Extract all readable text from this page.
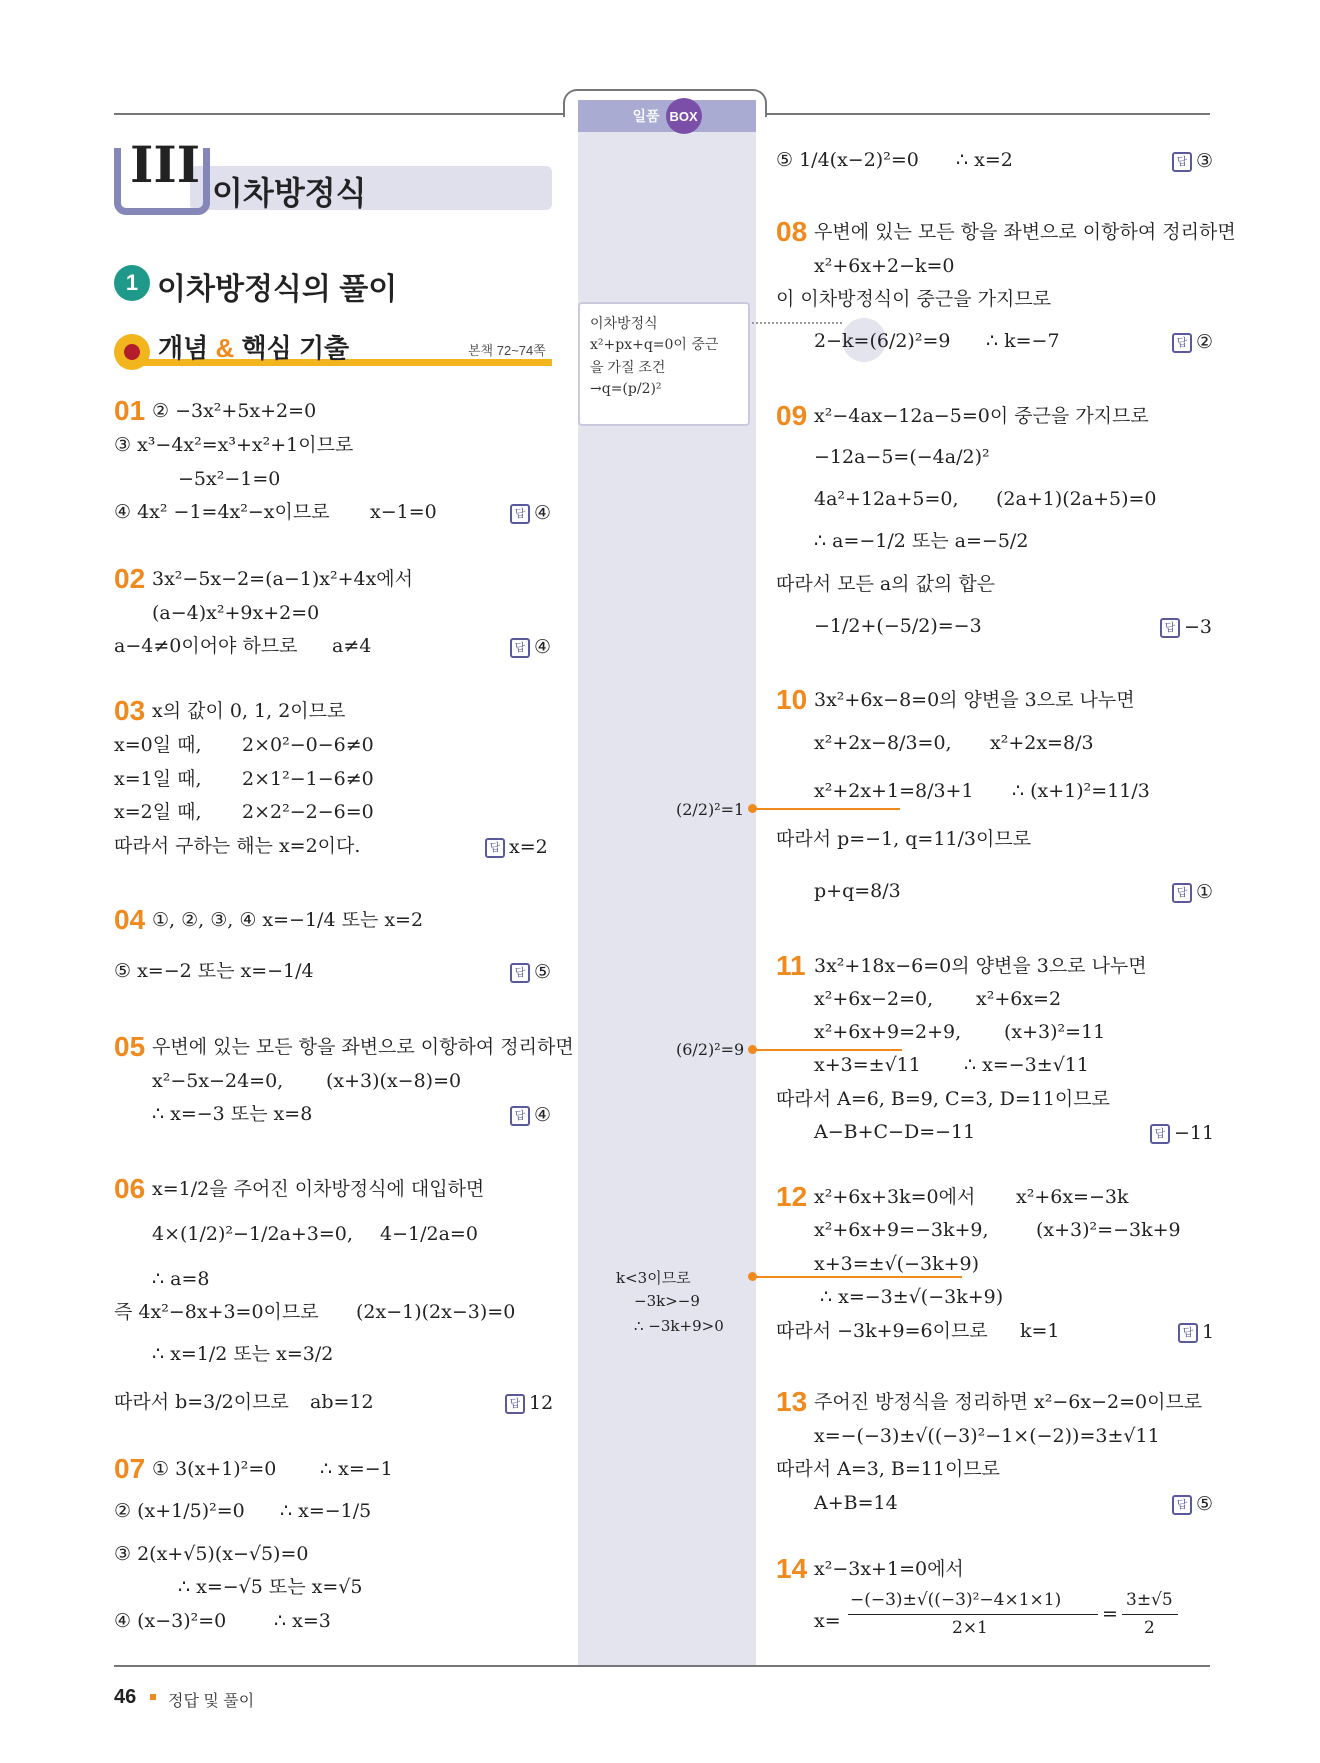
일품 BOX
III 이차방정식
1 이차방정식의 풀이
개념 & 핵심 기출	본책 72~74쪽
이차방정식
x²+px+q=0이 중근
을 가질 조건
→q=(p/2)²
01 ② −3x²+5x+2=0
③ x³−4x²=x³+x²+1이므로
−5x²−1=0
④ 4x² −1=4x²−x이므로 x−1=0	답 ④
02 3x²−5x−2=(a−1)x²+4x에서
(a−4)x²+9x+2=0
a−4≠0이어야 하므로 a≠4	답 ④
03 x의 값이 0, 1, 2이므로
x=0일 때, 2×0²−0−6≠0
x=1일 때, 2×1²−1−6≠0
x=2일 때, 2×2²−2−6=0
따라서 구하는 해는 x=2이다.	답 x=2
04 ①, ②, ③, ④ x=−1/4 또는 x=2
⑤ x=−2 또는 x=−1/4	답 ⑤
05 우변에 있는 모든 항을 좌변으로 이항하여 정리하면
x²−5x−24=0, (x+3)(x−8)=0
∴ x=−3 또는 x=8	답 ④
06 x=1/2을 주어진 이차방정식에 대입하면
4×(1/2)²−1/2a+3=0, 4−1/2a=0
∴ a=8
즉 4x²−8x+3=0이므로 (2x−1)(2x−3)=0
∴ x=1/2 또는 x=3/2
따라서 b=3/2이므로 ab=12	답 12
07 ① 3(x+1)²=0 ∴ x=−1
② (x+1/5)²=0 ∴ x=−1/5
③ 2(x+√5)(x−√5)=0
∴ x=−√5 또는 x=√5
④ (x−3)²=0	∴ x=3
⑤ 1/4(x−2)²=0 ∴ x=2	답 ③
08 우변에 있는 모든 항을 좌변으로 이항하여 정리하면
x²+6x+2−k=0
이 이차방정식이 중근을 가지므로
2−k=(6/2)²=9 ∴ k=−7	답 ②
09 x²−4ax−12a−5=0이 중근을 가지므로
−12a−5=(−4a/2)²
4a²+12a+5=0, (2a+1)(2a+5)=0
∴ a=−1/2 또는 a=−5/2
따라서 모든 a의 값의 합은
−1/2+(−5/2)=−3	답 −3
10 3x²+6x−8=0의 양변을 3으로 나누면
x²+2x−8/3=0, x²+2x=8/3
x²+2x+1=8/3+1 ∴ (x+1)²=11/3
따라서 p=−1, q=11/3이므로
p+q=8/3	답 ①
(2/2)²=1
11 3x²+18x−6=0의 양변을 3으로 나누면
x²+6x−2=0, x²+6x=2
x²+6x+9=2+9, (x+3)²=11
x+3=±√11 ∴ x=−3±√11
따라서 A=6, B=9, C=3, D=11이므로
A−B+C−D=−11	답 −11
(6/2)²=9
12 x²+6x+3k=0에서 x²+6x=−3k
x²+6x+9=−3k+9, (x+3)²=−3k+9
x+3=±√(−3k+9)
∴ x=−3±√(−3k+9)
따라서 −3k+9=6이므로 k=1	답 1
k<3이므로
−3k>−9
∴ −3k+9>0
13 주어진 방정식을 정리하면 x²−6x−2=0이므로
x=−(−3)±√((−3)²−1×(−2))=3±√11
따라서 A=3, B=11이므로
A+B=14	답 ⑤
14 x²−3x+1=0에서
x=
−(−3)±√((−3)²−4×1×1)
2×1
=
3±√5
2
46 정답 및 풀이
